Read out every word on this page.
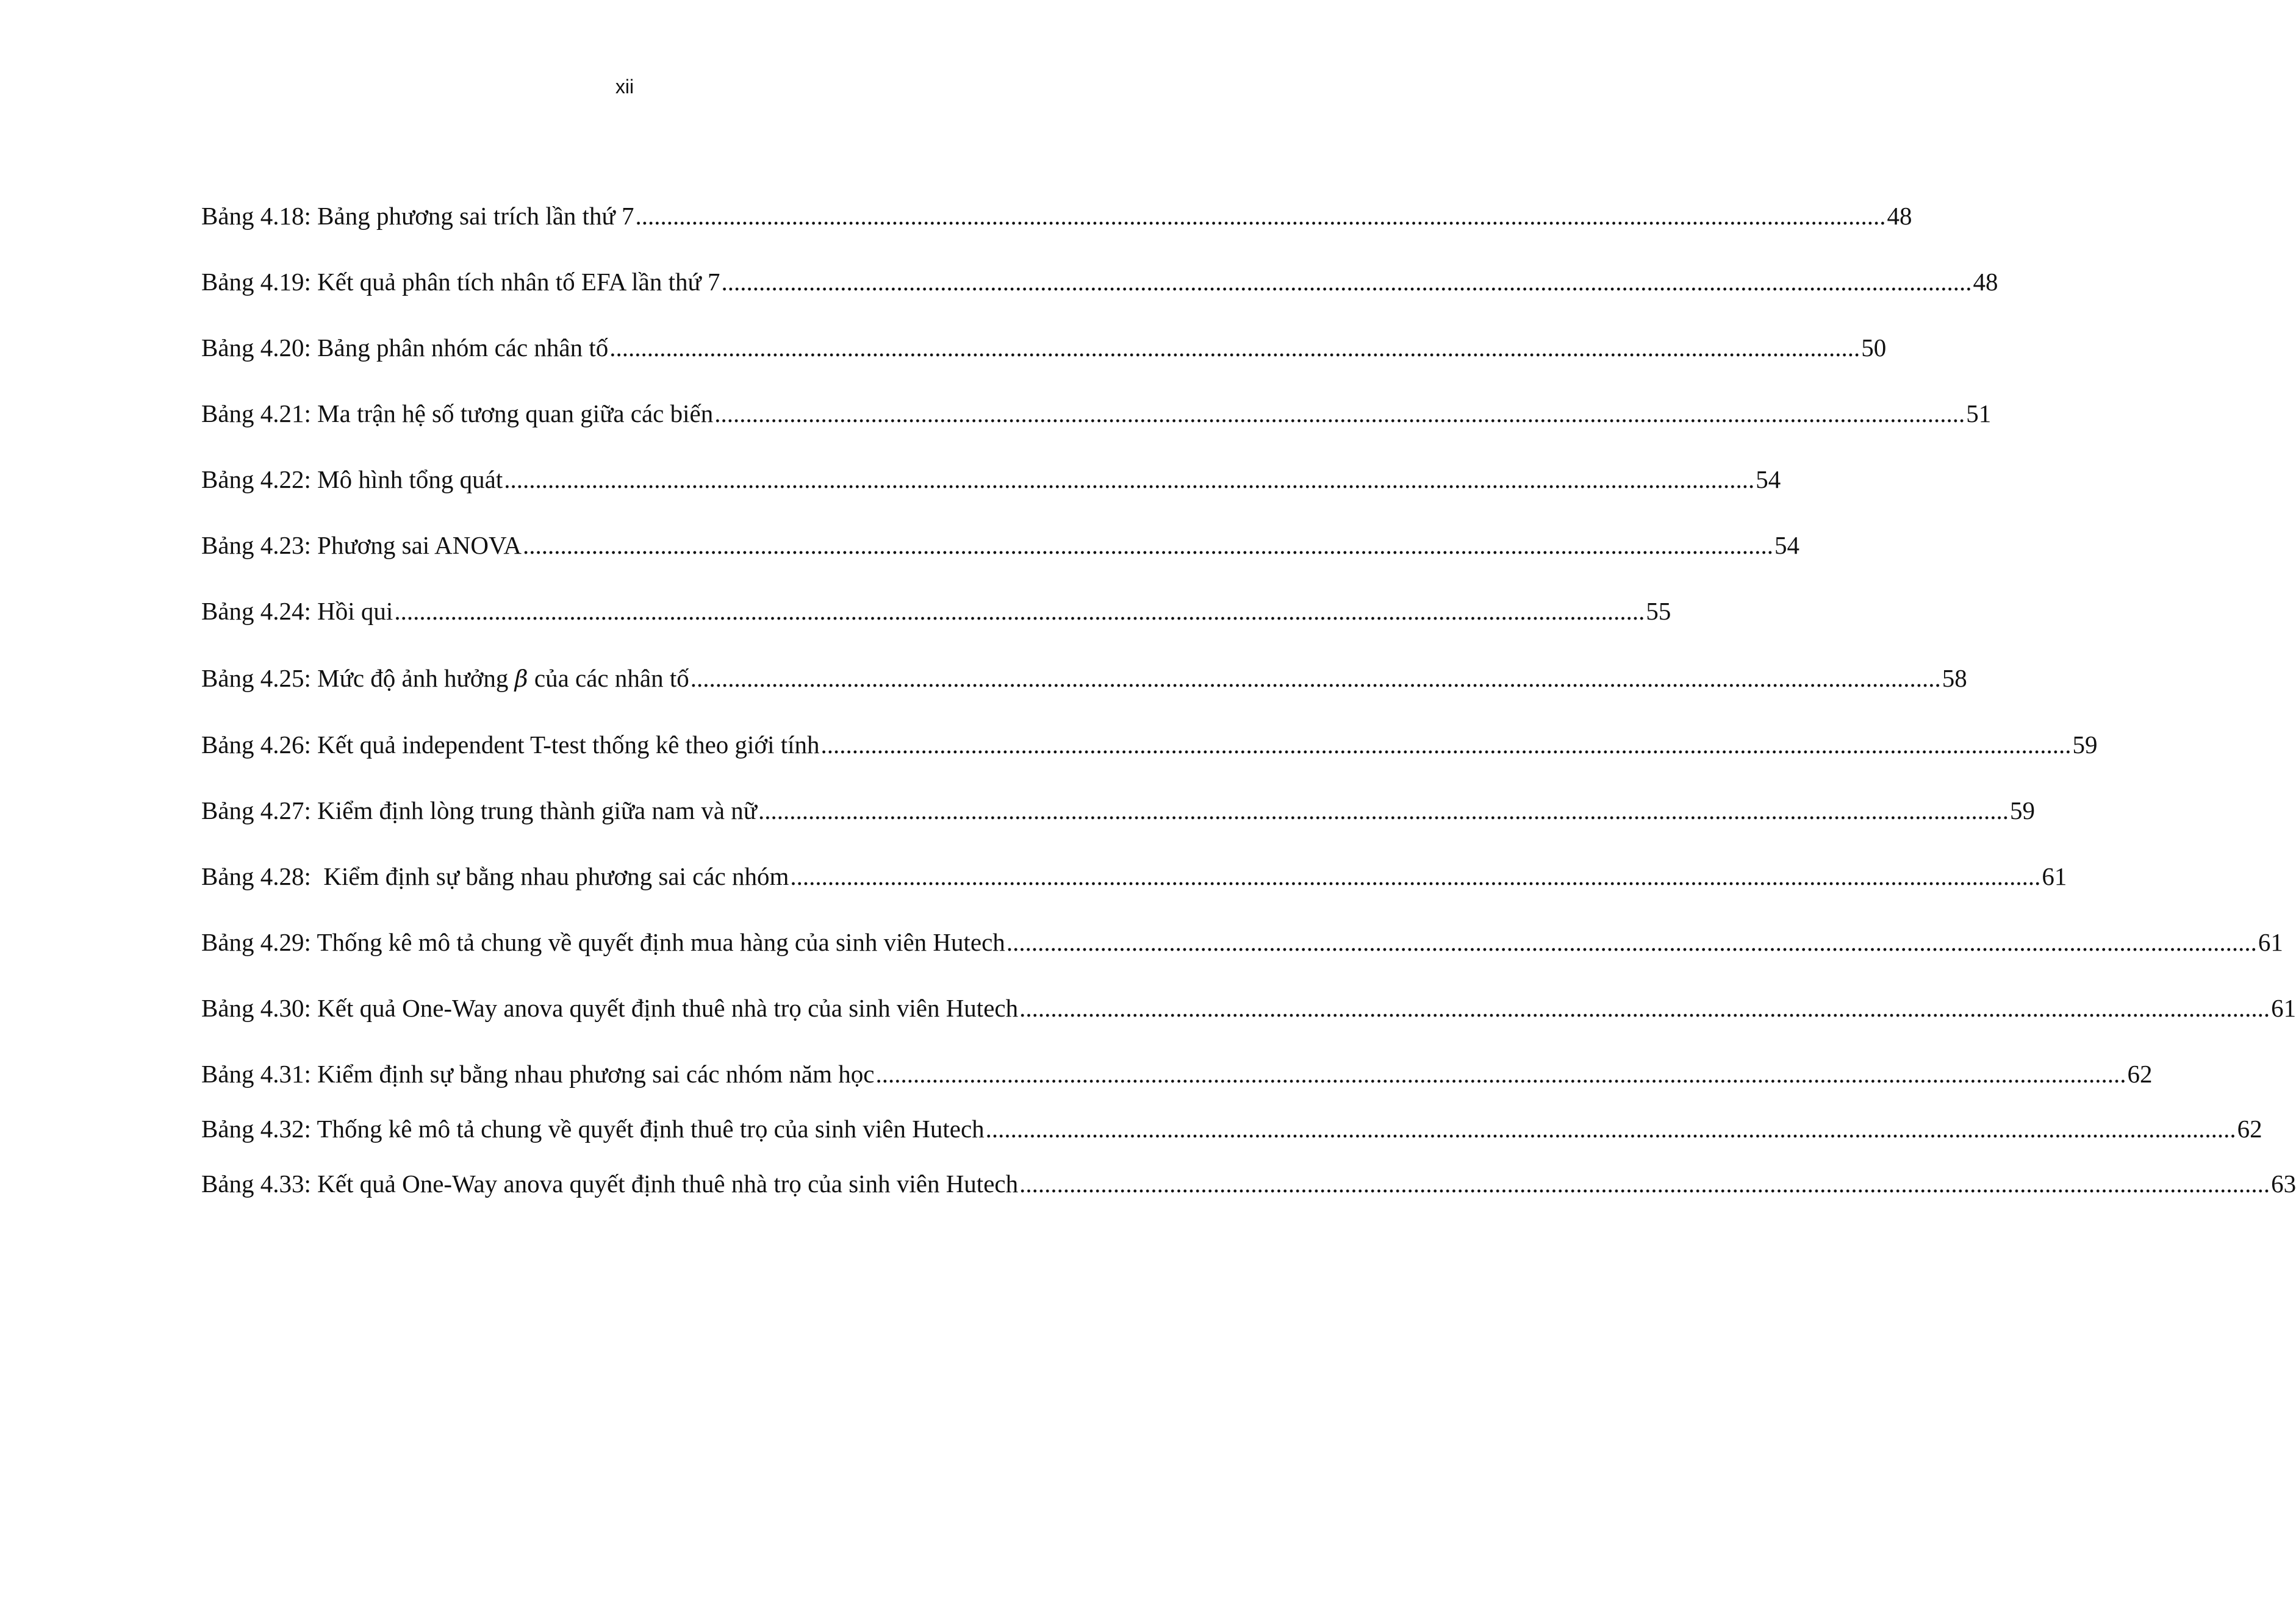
xii
Bảng 4.18: Bảng phương sai trích lần thứ 7 ........................................................................................................................................................................................................ 48
Bảng 4.19: Kết quả phân tích nhân tố EFA lần thứ 7 ........................................................................................................................................................................................................ 48
Bảng 4.20: Bảng phân nhóm các nhân tố ........................................................................................................................................................................................................ 50
Bảng 4.21: Ma trận hệ số tương quan giữa các biến ........................................................................................................................................................................................................ 51
Bảng 4.22: Mô hình tổng quát ........................................................................................................................................................................................................ 54
Bảng 4.23: Phương sai ANOVA ........................................................................................................................................................................................................ 54
Bảng 4.24: Hồi qui ........................................................................................................................................................................................................ 55
Bảng 4.25: Mức độ ảnh hưởng β của các nhân tố ........................................................................................................................................................................................................ 58
Bảng 4.26: Kết quả independent T-test thống kê theo giới tính ........................................................................................................................................................................................................ 59
Bảng 4.27: Kiểm định lòng trung thành giữa nam và nữ ........................................................................................................................................................................................................ 59
Bảng 4.28:  Kiểm định sự bằng nhau phương sai các nhóm ........................................................................................................................................................................................................ 61
Bảng 4.29: Thống kê mô tả chung về quyết định mua hàng của sinh viên Hutech ........................................................................................................................................................................................................ 61
Bảng 4.30: Kết quả One-Way anova quyết định thuê nhà trọ của sinh viên Hutech ........................................................................................................................................................................................................ 61
Bảng 4.31: Kiểm định sự bằng nhau phương sai các nhóm năm học ........................................................................................................................................................................................................ 62
Bảng 4.32: Thống kê mô tả chung về quyết định thuê trọ của sinh viên Hutech ........................................................................................................................................................................................................ 62
Bảng 4.33: Kết quả One-Way anova quyết định thuê nhà trọ của sinh viên Hutech ........................................................................................................................................................................................................ 63
